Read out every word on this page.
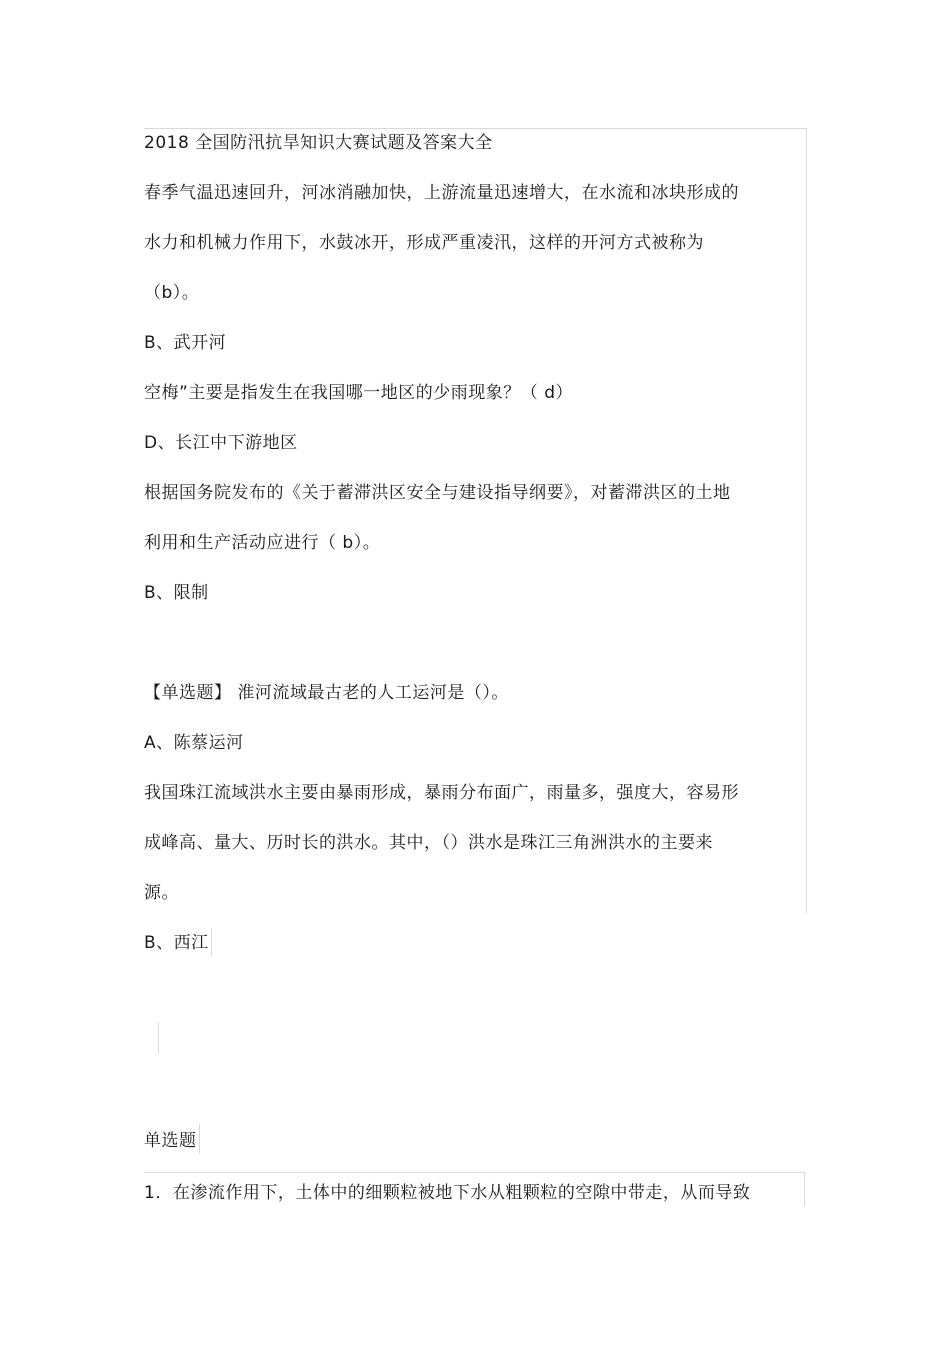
2018 全国防汛抗旱知识大赛试题及答案大全
春季气温迅速回升，河冰消融加快，上游流量迅速增大，在水流和冰块形成的
水力和机械力作用下，水鼓冰开，形成严重凌汛，这样的开河方式被称为
（b）。
B、武开河
空梅”主要是指发生在我国哪一地区的少雨现象？（ d）
D、长江中下游地区
根据国务院发布的《关于蓄滞洪区安全与建设指导纲要》，对蓄滞洪区的土地
利用和生产活动应进行（ b）。
B、限制
【单选题】 淮河流域最古老的人工运河是（）。
A、陈蔡运河
我国珠江流域洪水主要由暴雨形成，暴雨分布面广，雨量多，强度大，容易形
成峰高、量大、历时长的洪水。其中，（）洪水是珠江三角洲洪水的主要来
源。
B、西江
单选题
1．在渗流作用下，土体中的细颗粒被地下水从粗颗粒的空隙中带走，从而导致
